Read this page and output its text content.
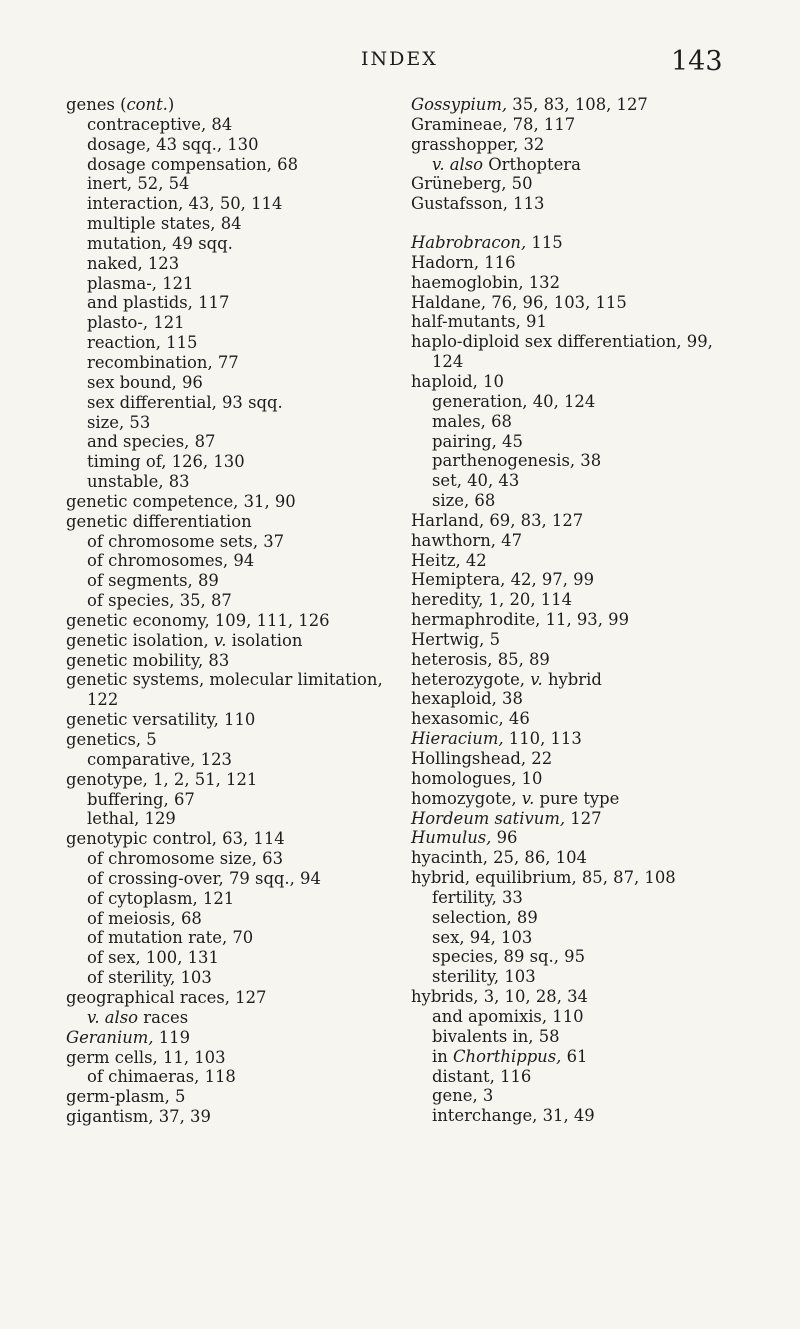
INDEX	143
genes (cont.)
contraceptive, 84
dosage, 43 sqq., 130
dosage compensation, 68
inert, 52, 54
interaction, 43, 50, 114
multiple states, 84
mutation, 49 sqq.
naked, 123
plasma-, 121
and plastids, 117
plasto-, 121
reaction, 115
recombination, 77
sex bound, 96
sex differential, 93 sqq.
size, 53
and species, 87
timing of, 126, 130
unstable, 83
genetic competence, 31, 90
genetic differentiation
of chromosome sets, 37
of chromosomes, 94
of segments, 89
of species, 35, 87
genetic economy, 109, 111, 126
genetic isolation, v. isolation
genetic mobility, 83
genetic systems, molecular limitation,
122
genetic versatility, 110
genetics, 5
comparative, 123
genotype, 1, 2, 51, 121
buffering, 67
lethal, 129
genotypic control, 63, 114
of chromosome size, 63
of crossing-over, 79 sqq., 94
of cytoplasm, 121
of meiosis, 68
of mutation rate, 70
of sex, 100, 131
of sterility, 103
geographical races, 127
v. also races
Geranium, 119
germ cells, 11, 103
of chimaeras, 118
germ-plasm, 5
gigantism, 37, 39
Gossypium, 35, 83, 108, 127
Gramineae, 78, 117
grasshopper, 32
v. also Orthoptera
Grüneberg, 50
Gustafsson, 113
Habrobracon, 115
Hadorn, 116
haemoglobin, 132
Haldane, 76, 96, 103, 115
half-mutants, 91
haplo-diploid sex differentiation, 99,
124
haploid, 10
generation, 40, 124
males, 68
pairing, 45
parthenogenesis, 38
set, 40, 43
size, 68
Harland, 69, 83, 127
hawthorn, 47
Heitz, 42
Hemiptera, 42, 97, 99
heredity, 1, 20, 114
hermaphrodite, 11, 93, 99
Hertwig, 5
heterosis, 85, 89
heterozygote, v. hybrid
hexaploid, 38
hexasomic, 46
Hieracium, 110, 113
Hollingshead, 22
homologues, 10
homozygote, v. pure type
Hordeum sativum, 127
Humulus, 96
hyacinth, 25, 86, 104
hybrid, equilibrium, 85, 87, 108
fertility, 33
selection, 89
sex, 94, 103
species, 89 sq., 95
sterility, 103
hybrids, 3, 10, 28, 34
and apomixis, 110
bivalents in, 58
in Chorthippus, 61
distant, 116
gene, 3
interchange, 31, 49
